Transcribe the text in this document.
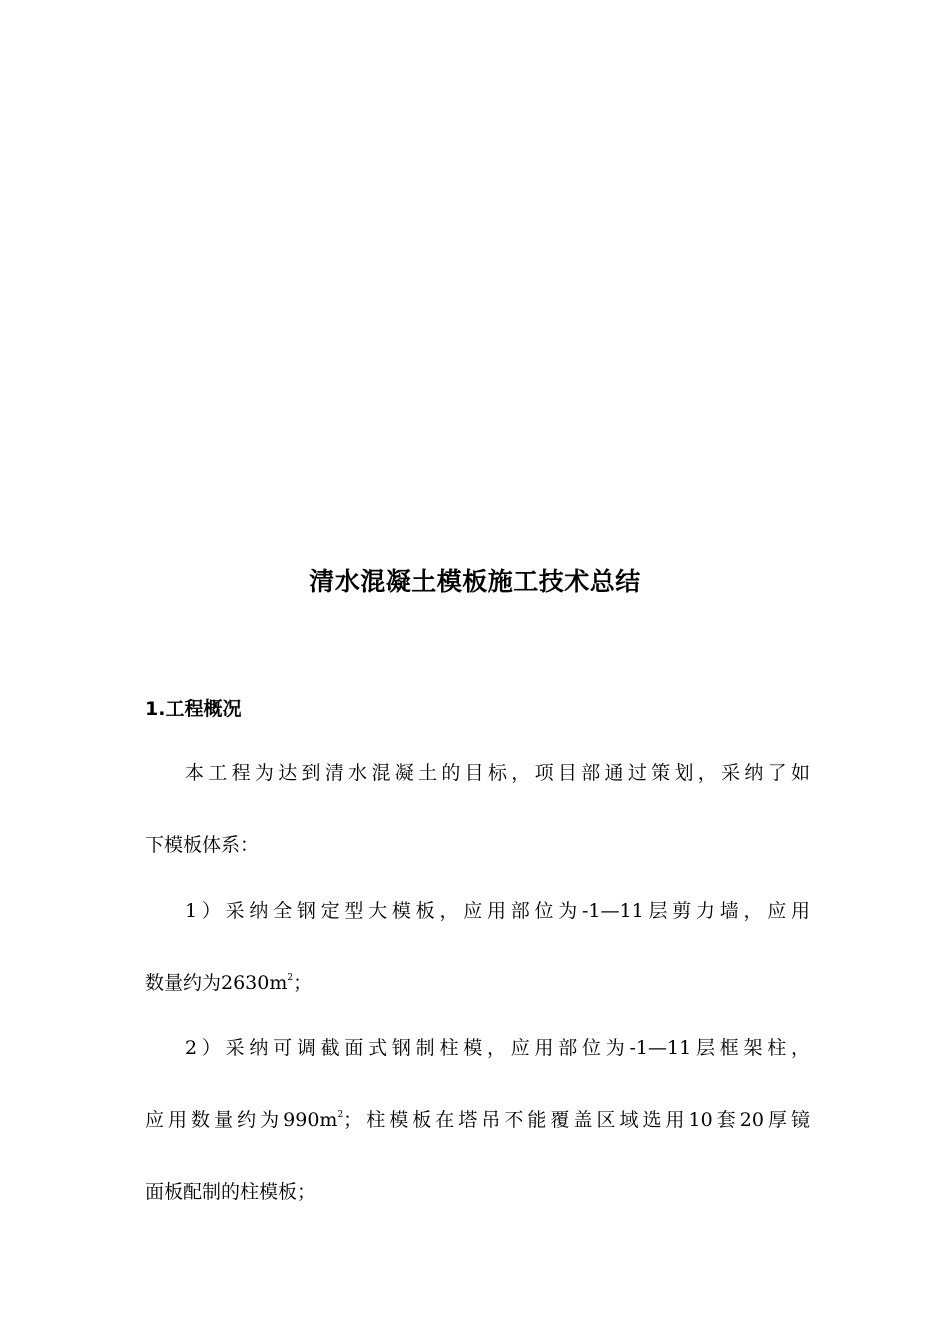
清水混凝土模板施工技术总结
1.工程概况
本工程为达到清水混凝土的目标，项目部通过策划，采纳了如
下模板体系：
1）采纳全钢定型大模板，应用部位为-1—11层剪力墙，应用
数量约为$2630m^2$；
2）采纳可调截面式钢制柱模，应用部位为-1—11层框架柱，
应用数量约为$990m^2$；柱模板在塔吊不能覆盖区域选用10套20厚镜
面板配制的柱模板；
